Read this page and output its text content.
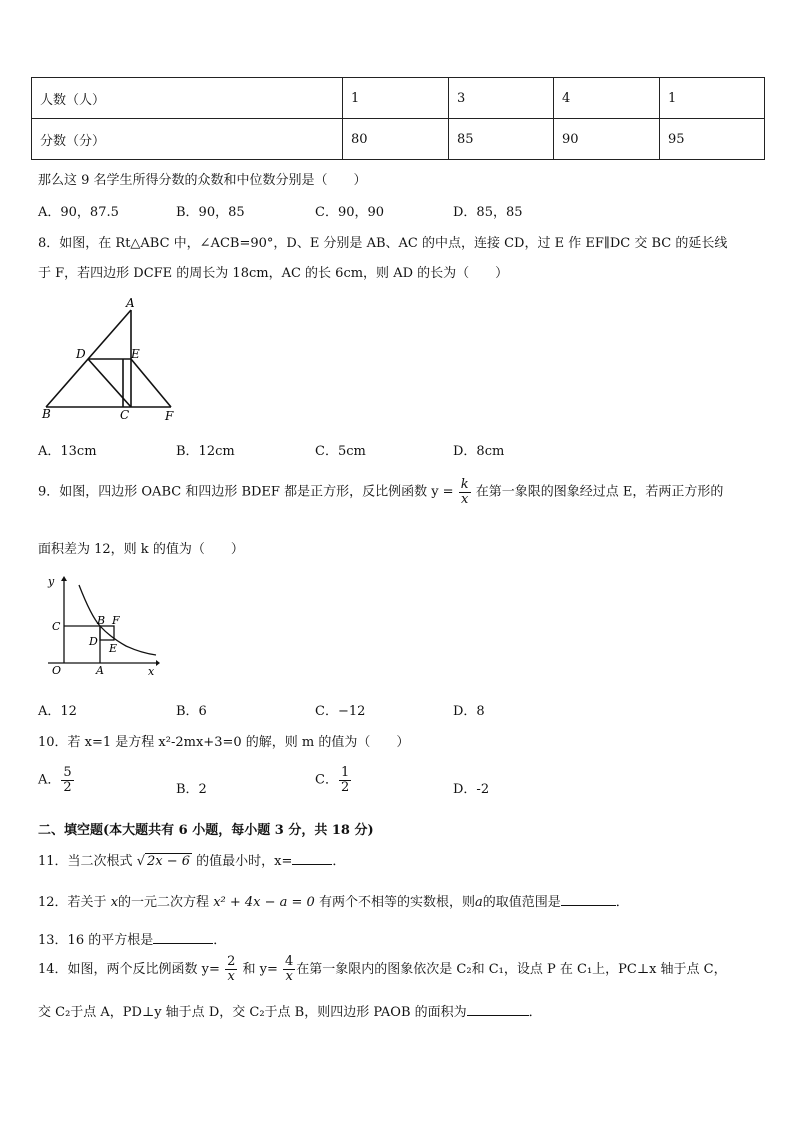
人数（人）	1	3	4	1
分数（分）	80	85	90	95
那么这 9 名学生所得分数的众数和中位数分别是（　　）
A．90，87.5	B．90，85	C．90，90	D．85，85
8．如图，在 Rt△ABC 中，∠ACB=90°，D、E 分别是 AB、AC 的中点，连接 CD，过 E 作 EF∥DC 交 BC 的延长线
于 F，若四边形 DCFE 的周长为 18cm，AC 的长 6cm，则 AD 的长为（　　）
A
D	E
B	C	F
A．13cm	B．12cm	C．5cm	D．8cm
9．如图，四边形 OABC 和四边形 BDEF 都是正方形，反比例函数 $y = \frac{k}{x}$ 在第一象限的图象经过点 E，若两正方形的
面积差为 12，则 k 的值为（　　）
y
C	B F
D
E
O	A	x
A．12	B．6	C．−12	D．8
10．若 x=1 是方程 x²-2mx+3=0 的解，则 m 的值为（　　）
A． $\frac{5}{2}$	B．2
C． $\frac{1}{2}$	D．-2
二、填空题(本大题共有 6 小题，每小题 3 分，共 18 分)
11．当二次根式 √ 2x − 6 的值最小时，x=	．
12．若关于 x的一元二次方程 x² + 4x − a = 0 有两个不相等的实数根，则a的取值范围是	．
13．16 的平方根是	．
14．如图，两个反比例函数 $y= \frac{2}{x}$ 和 $y= \frac{4}{x}$ 在第一象限内的图象依次是 C₂和 C₁，设点 P 在 C₁上，PC⊥x 轴于点 C，
交 C₂于点 A，PD⊥y 轴于点 D，交 C₂于点 B，则四边形 PAOB 的面积为	．
